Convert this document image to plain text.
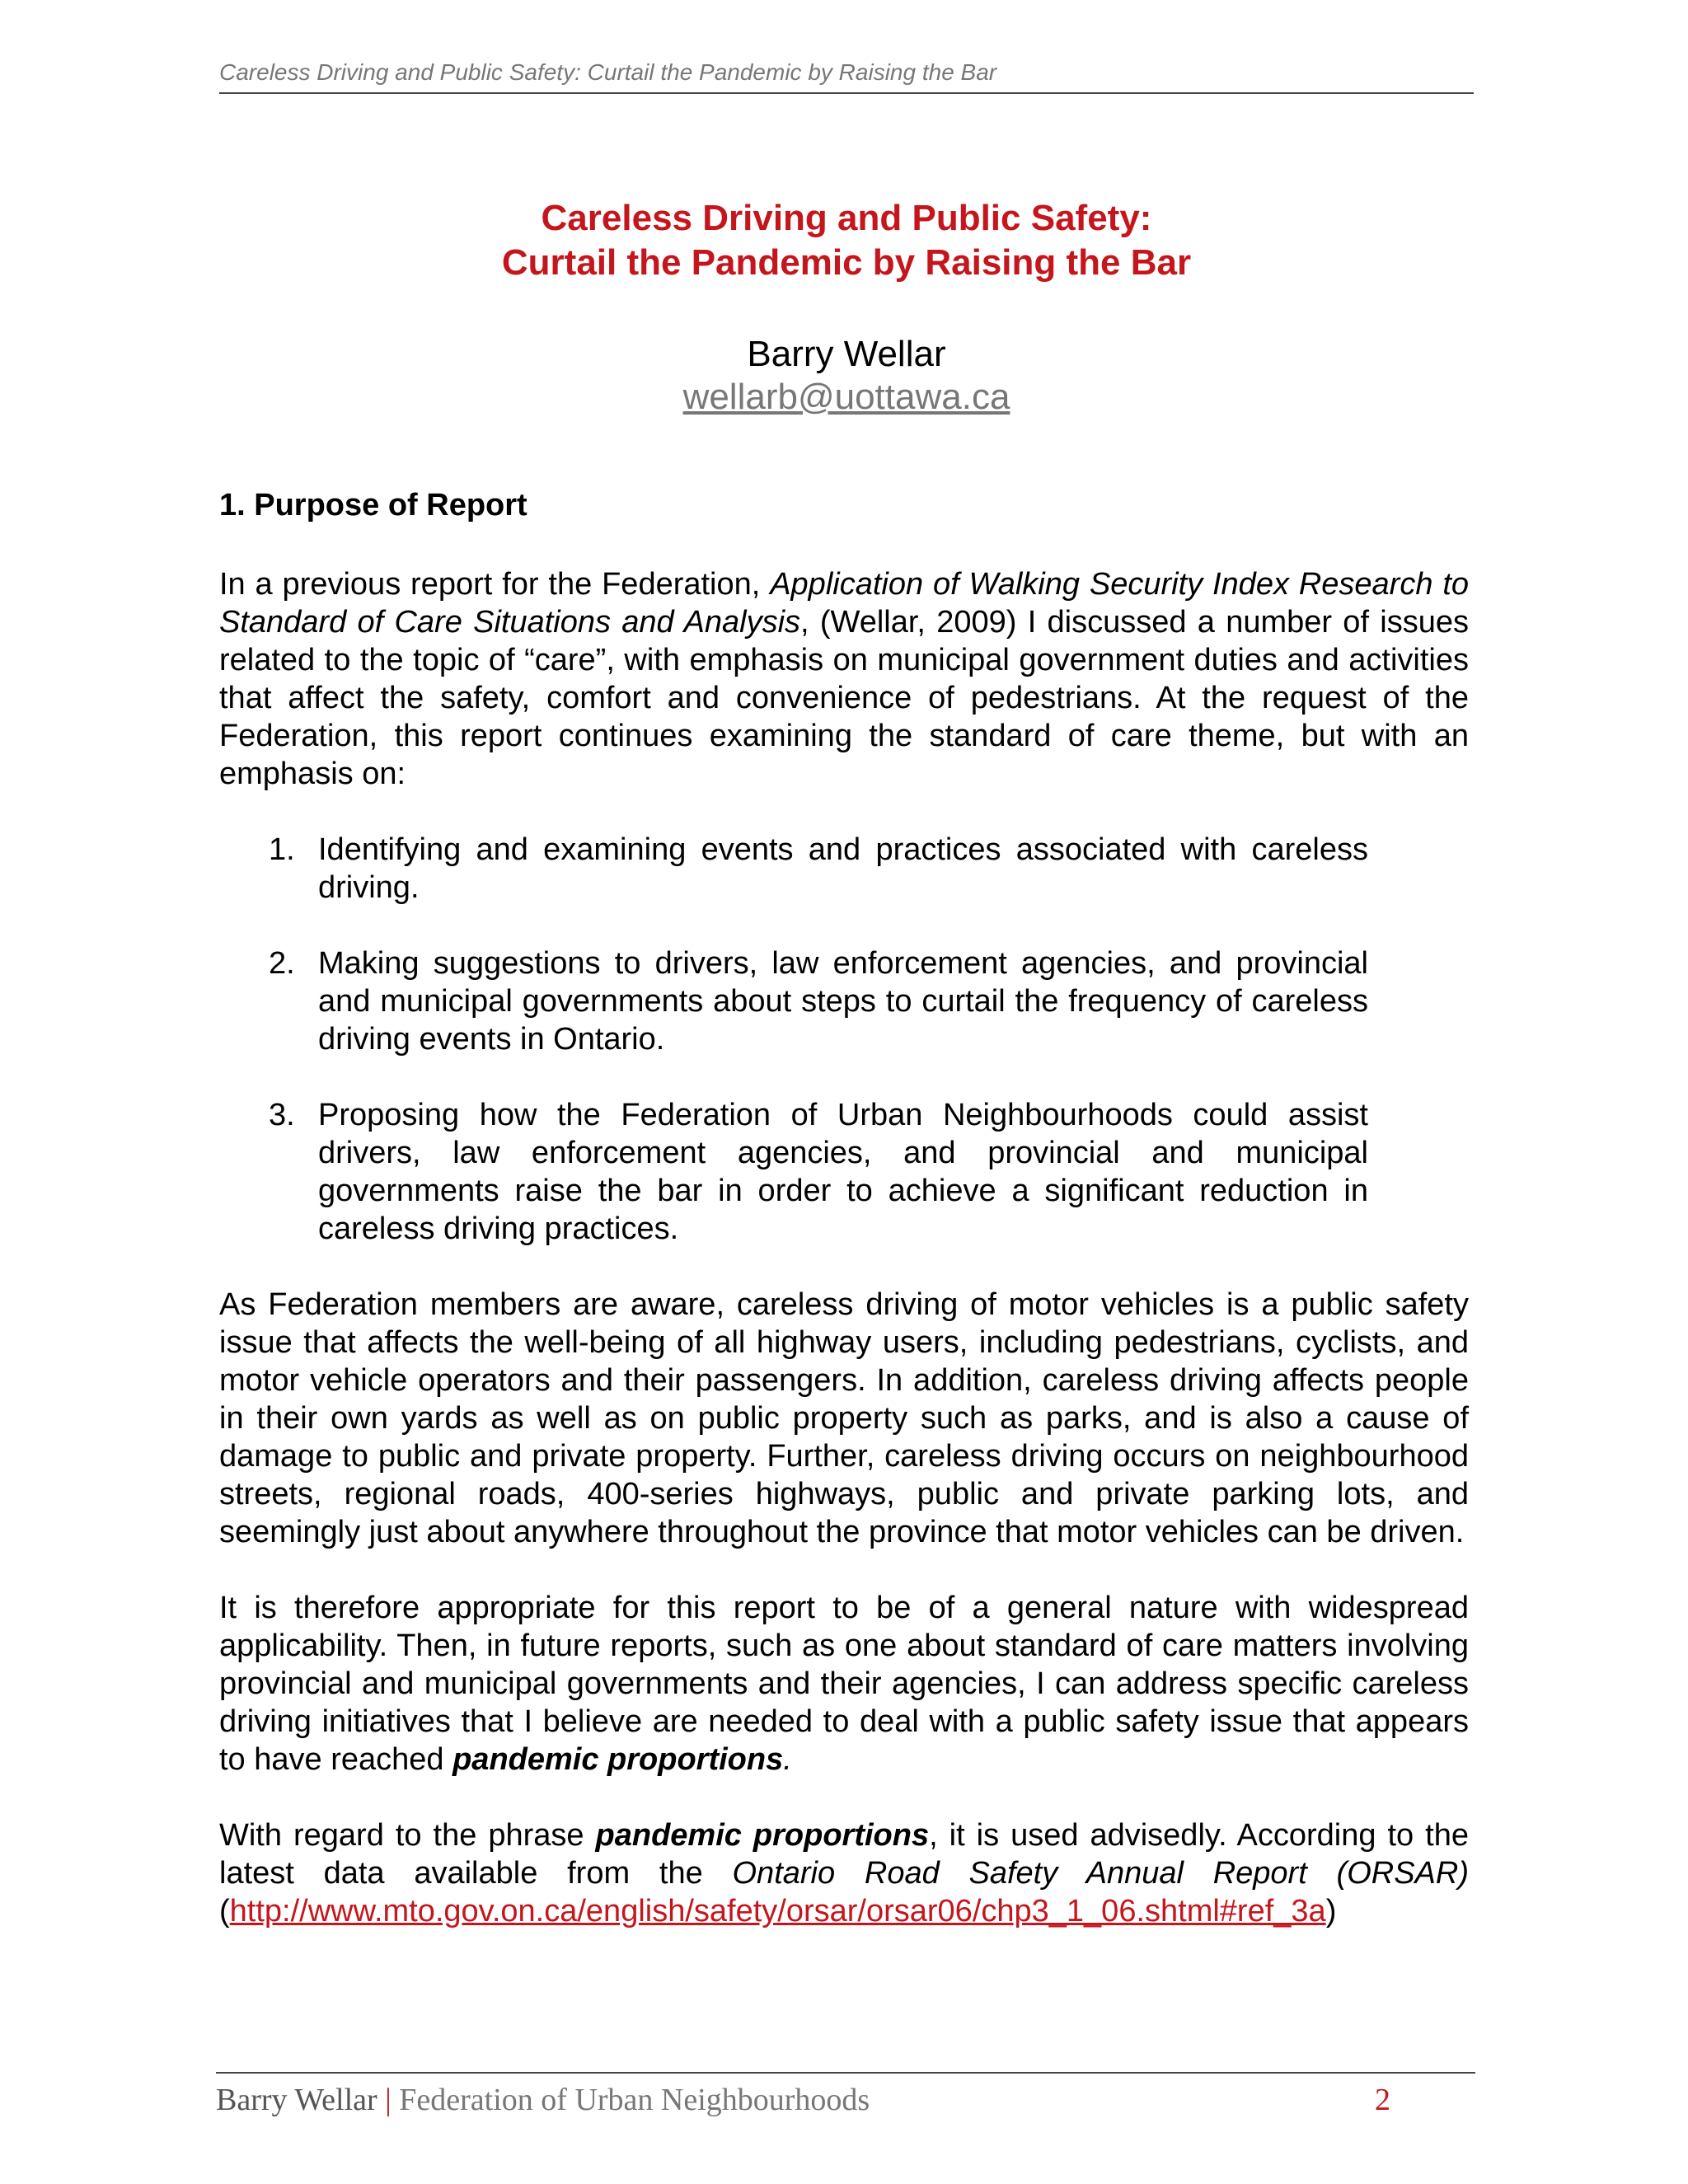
Careless Driving and Public Safety: Curtail the Pandemic by Raising the Bar
Careless Driving and Public Safety:
Curtail the Pandemic by Raising the Bar
Barry Wellar
wellarb@uottawa.ca
1. Purpose of Report

In a previous report for the Federation, Application of Walking Security Index Research to Standard of Care Situations and Analysis, (Wellar, 2009) I discussed a number of issues related to the topic of “care”, with emphasis on municipal government duties and activities that affect the safety, comfort and convenience of pedestrians. At the request of the Federation, this report continues examining the standard of care theme, but with an emphasis on:

1. Identifying and examining events and practices associated with careless driving.
2. Making suggestions to drivers, law enforcement agencies, and provincial and municipal governments about steps to curtail the frequency of careless driving events in Ontario.
3. Proposing how the Federation of Urban Neighbourhoods could assist drivers, law enforcement agencies, and provincial and municipal governments raise the bar in order to achieve a significant reduction in careless driving practices.

As Federation members are aware, careless driving of motor vehicles is a public safety issue that affects the well-being of all highway users, including pedestrians, cyclists, and motor vehicle operators and their passengers. In addition, careless driving affects people in their own yards as well as on public property such as parks, and is also a cause of damage to public and private property. Further, careless driving occurs on neighbourhood streets, regional roads, 400-series highways, public and private parking lots, and seemingly just about anywhere throughout the province that motor vehicles can be driven.

It is therefore appropriate for this report to be of a general nature with widespread applicability. Then, in future reports, such as one about standard of care matters involving provincial and municipal governments and their agencies, I can address specific careless driving initiatives that I believe are needed to deal with a public safety issue that appears to have reached pandemic proportions.

With regard to the phrase pandemic proportions, it is used advisedly. According to the latest data available from the Ontario Road Safety Annual Report (ORSAR) (http://www.mto.gov.on.ca/english/safety/orsar/orsar06/chp3_1_06.shtml#ref_3a)

Barry Wellar | Federation of Urban Neighbourhoods	2
